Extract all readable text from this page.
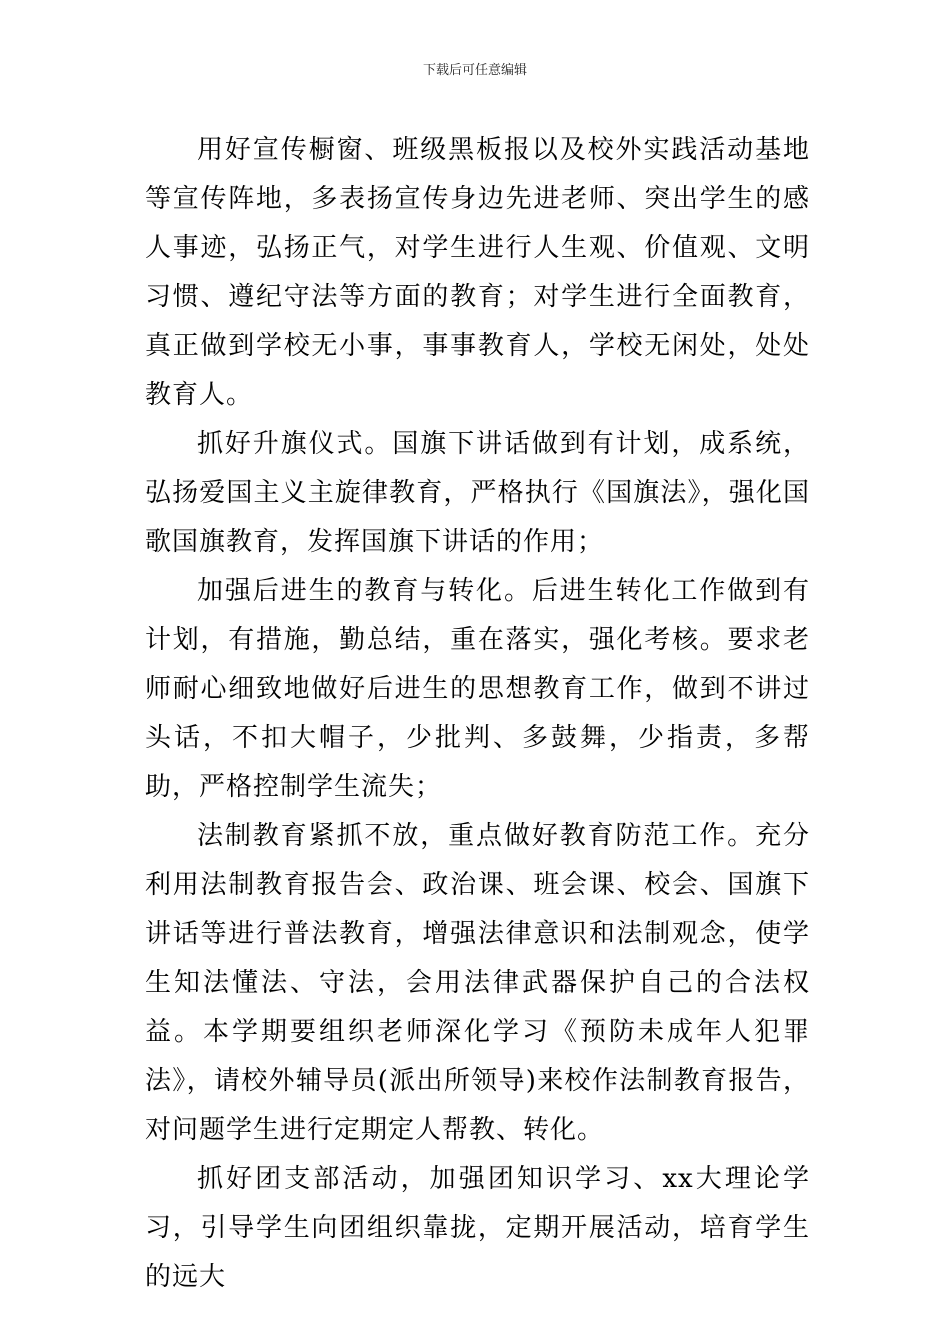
下载后可任意编辑

用好宣传橱窗、班级黑板报以及校外实践活动基地等宣传阵地，多表扬宣传身边先进老师、突出学生的感人事迹，弘扬正气，对学生进行人生观、价值观、文明习惯、遵纪守法等方面的教育；对学生进行全面教育，真正做到学校无小事，事事教育人，学校无闲处，处处教育人。

抓好升旗仪式。国旗下讲话做到有计划，成系统，弘扬爱国主义主旋律教育，严格执行《国旗法》，强化国歌国旗教育，发挥国旗下讲话的作用；

加强后进生的教育与转化。后进生转化工作做到有计划，有措施，勤总结，重在落实，强化考核。要求老师耐心细致地做好后进生的思想教育工作，做到不讲过头话，不扣大帽子，少批判、多鼓舞，少指责，多帮助，严格控制学生流失；

法制教育紧抓不放，重点做好教育防范工作。充分利用法制教育报告会、政治课、班会课、校会、国旗下讲话等进行普法教育，增强法律意识和法制观念，使学生知法懂法、守法，会用法律武器保护自己的合法权益。本学期要组织老师深化学习《预防未成年人犯罪法》，请校外辅导员(派出所领导)来校作法制教育报告，对问题学生进行定期定人帮教、转化。

抓好团支部活动，加强团知识学习、xx大理论学习，引导学生向团组织靠拢，定期开展活动，培育学生的远大
